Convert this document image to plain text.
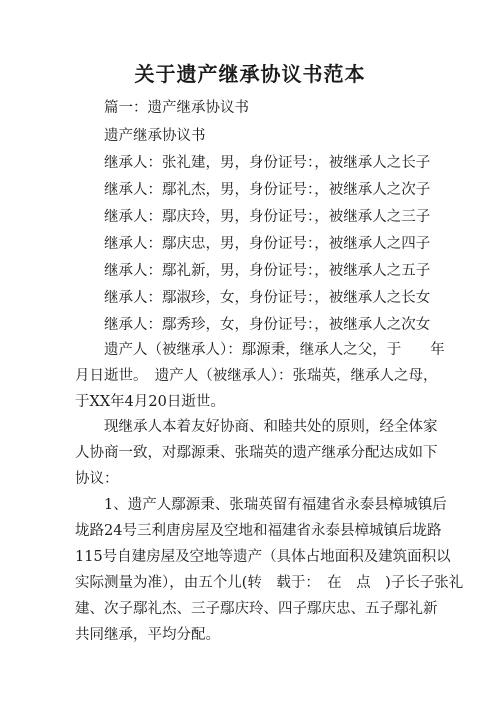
关于遗产继承协议书范本
篇一：遗产继承协议书
遗产继承协议书
继承人：张礼建，男，身份证号：，被继承人之长子
继承人：鄢礼杰，男，身份证号：，被继承人之次子
继承人：鄢庆玲，男，身份证号：，被继承人之三子
继承人：鄢庆忠，男，身份证号：，被继承人之四子
继承人：鄢礼新，男，身份证号：，被继承人之五子
继承人：鄢淑珍，女，身份证号：，被继承人之长女
继承人：鄢秀珍，女，身份证号：，被继承人之次女
遗产人（被继承人）：鄢源秉，继承人之父，于　　年
月日逝世。　遗产人（被继承人）：张瑞英，继承人之母，
于XX年4月20日逝世。
现继承人本着友好协商、和睦共处的原则，经全体家
人协商一致，对鄢源秉、张瑞英的遗产继承分配达成如下
协议：
1、遗产人鄢源秉、张瑞英留有福建省永泰县樟城镇后
垅路24号三利唐房屋及空地和福建省永泰县樟城镇后垅路
115号自建房屋及空地等遗产（具体占地面积及建筑面积以
实际测量为准），由五个儿(转　载于：　在　点　)子长子张礼
建、次子鄢礼杰、三子鄢庆玲、四子鄢庆忠、五子鄢礼新
共同继承，平均分配。
